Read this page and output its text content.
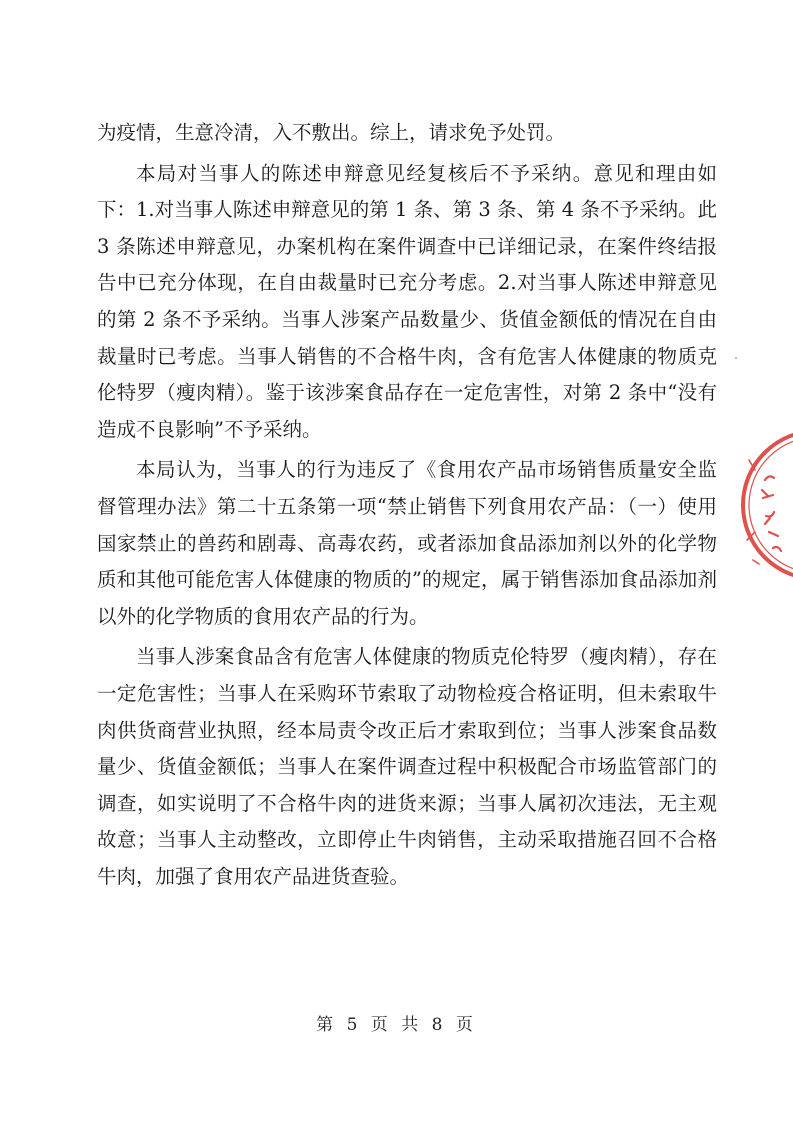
为疫情，生意冷清，入不敷出。综上，请求免予处罚。

本局对当事人的陈述申辩意见经复核后不予采纳。意见和理由如下：1.对当事人陈述申辩意见的第 1 条、第 3 条、第 4 条不予采纳。此 3 条陈述申辩意见，办案机构在案件调查中已详细记录，在案件终结报告中已充分体现，在自由裁量时已充分考虑。2.对当事人陈述申辩意见的第 2 条不予采纳。当事人涉案产品数量少、货值金额低的情况在自由裁量时已考虑。当事人销售的不合格牛肉，含有危害人体健康的物质克伦特罗（瘦肉精）。鉴于该涉案食品存在一定危害性，对第 2 条中“没有造成不良影响”不予采纳。

本局认为，当事人的行为违反了《食用农产品市场销售质量安全监督管理办法》第二十五条第一项“禁止销售下列食用农产品：（一）使用国家禁止的兽药和剧毒、高毒农药，或者添加食品添加剂以外的化学物质和其他可能危害人体健康的物质的”的规定，属于销售添加食品添加剂以外的化学物质的食用农产品的行为。

当事人涉案食品含有危害人体健康的物质克伦特罗（瘦肉精），存在一定危害性；当事人在采购环节索取了动物检疫合格证明，但未索取牛肉供货商营业执照，经本局责令改正后才索取到位；当事人涉案食品数量少、货值金额低；当事人在案件调查过程中积极配合市场监管部门的调查，如实说明了不合格牛肉的进货来源；当事人属初次违法，无主观故意；当事人主动整改，立即停止牛肉销售，主动采取措施召回不合格牛肉，加强了食用农产品进货查验。

第 5 页 共 8 页
